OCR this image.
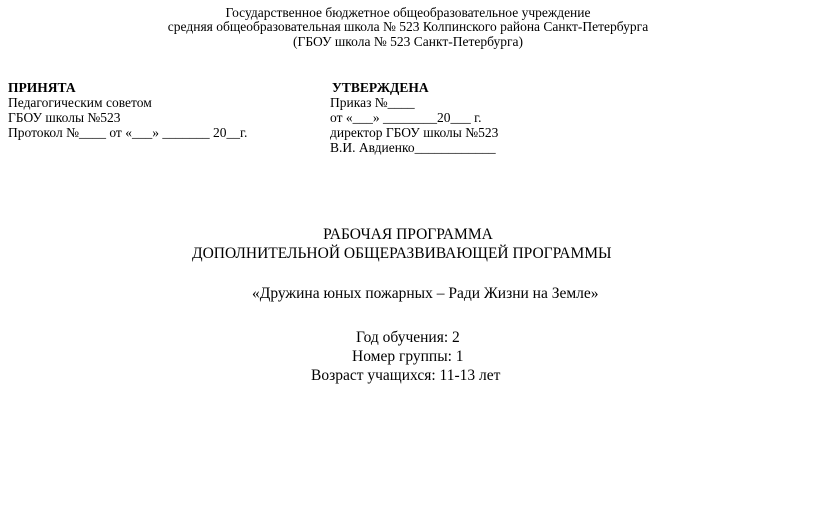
Государственное бюджетное общеобразовательное учреждение
средняя общеобразовательная школа № 523 Колпинского района Санкт-Петербурга
(ГБОУ школа № 523 Санкт-Петербурга)
ПРИНЯТА
Педагогическим советом
ГБОУ школы №523
Протокол №____ от «___» _______ 20__г.
УТВЕРЖДЕНА
Приказ №____
от «___» ________20___ г.
директор ГБОУ школы №523
В.И. Авдиенко____________
РАБОЧАЯ ПРОГРАММА
ДОПОЛНИТЕЛЬНОЙ ОБЩЕРАЗВИВАЮЩЕЙ ПРОГРАММЫ
«Дружина юных пожарных – Ради Жизни на Земле»
Год обучения: 2
Номер группы: 1
Возраст учащихся: 11-13 лет
